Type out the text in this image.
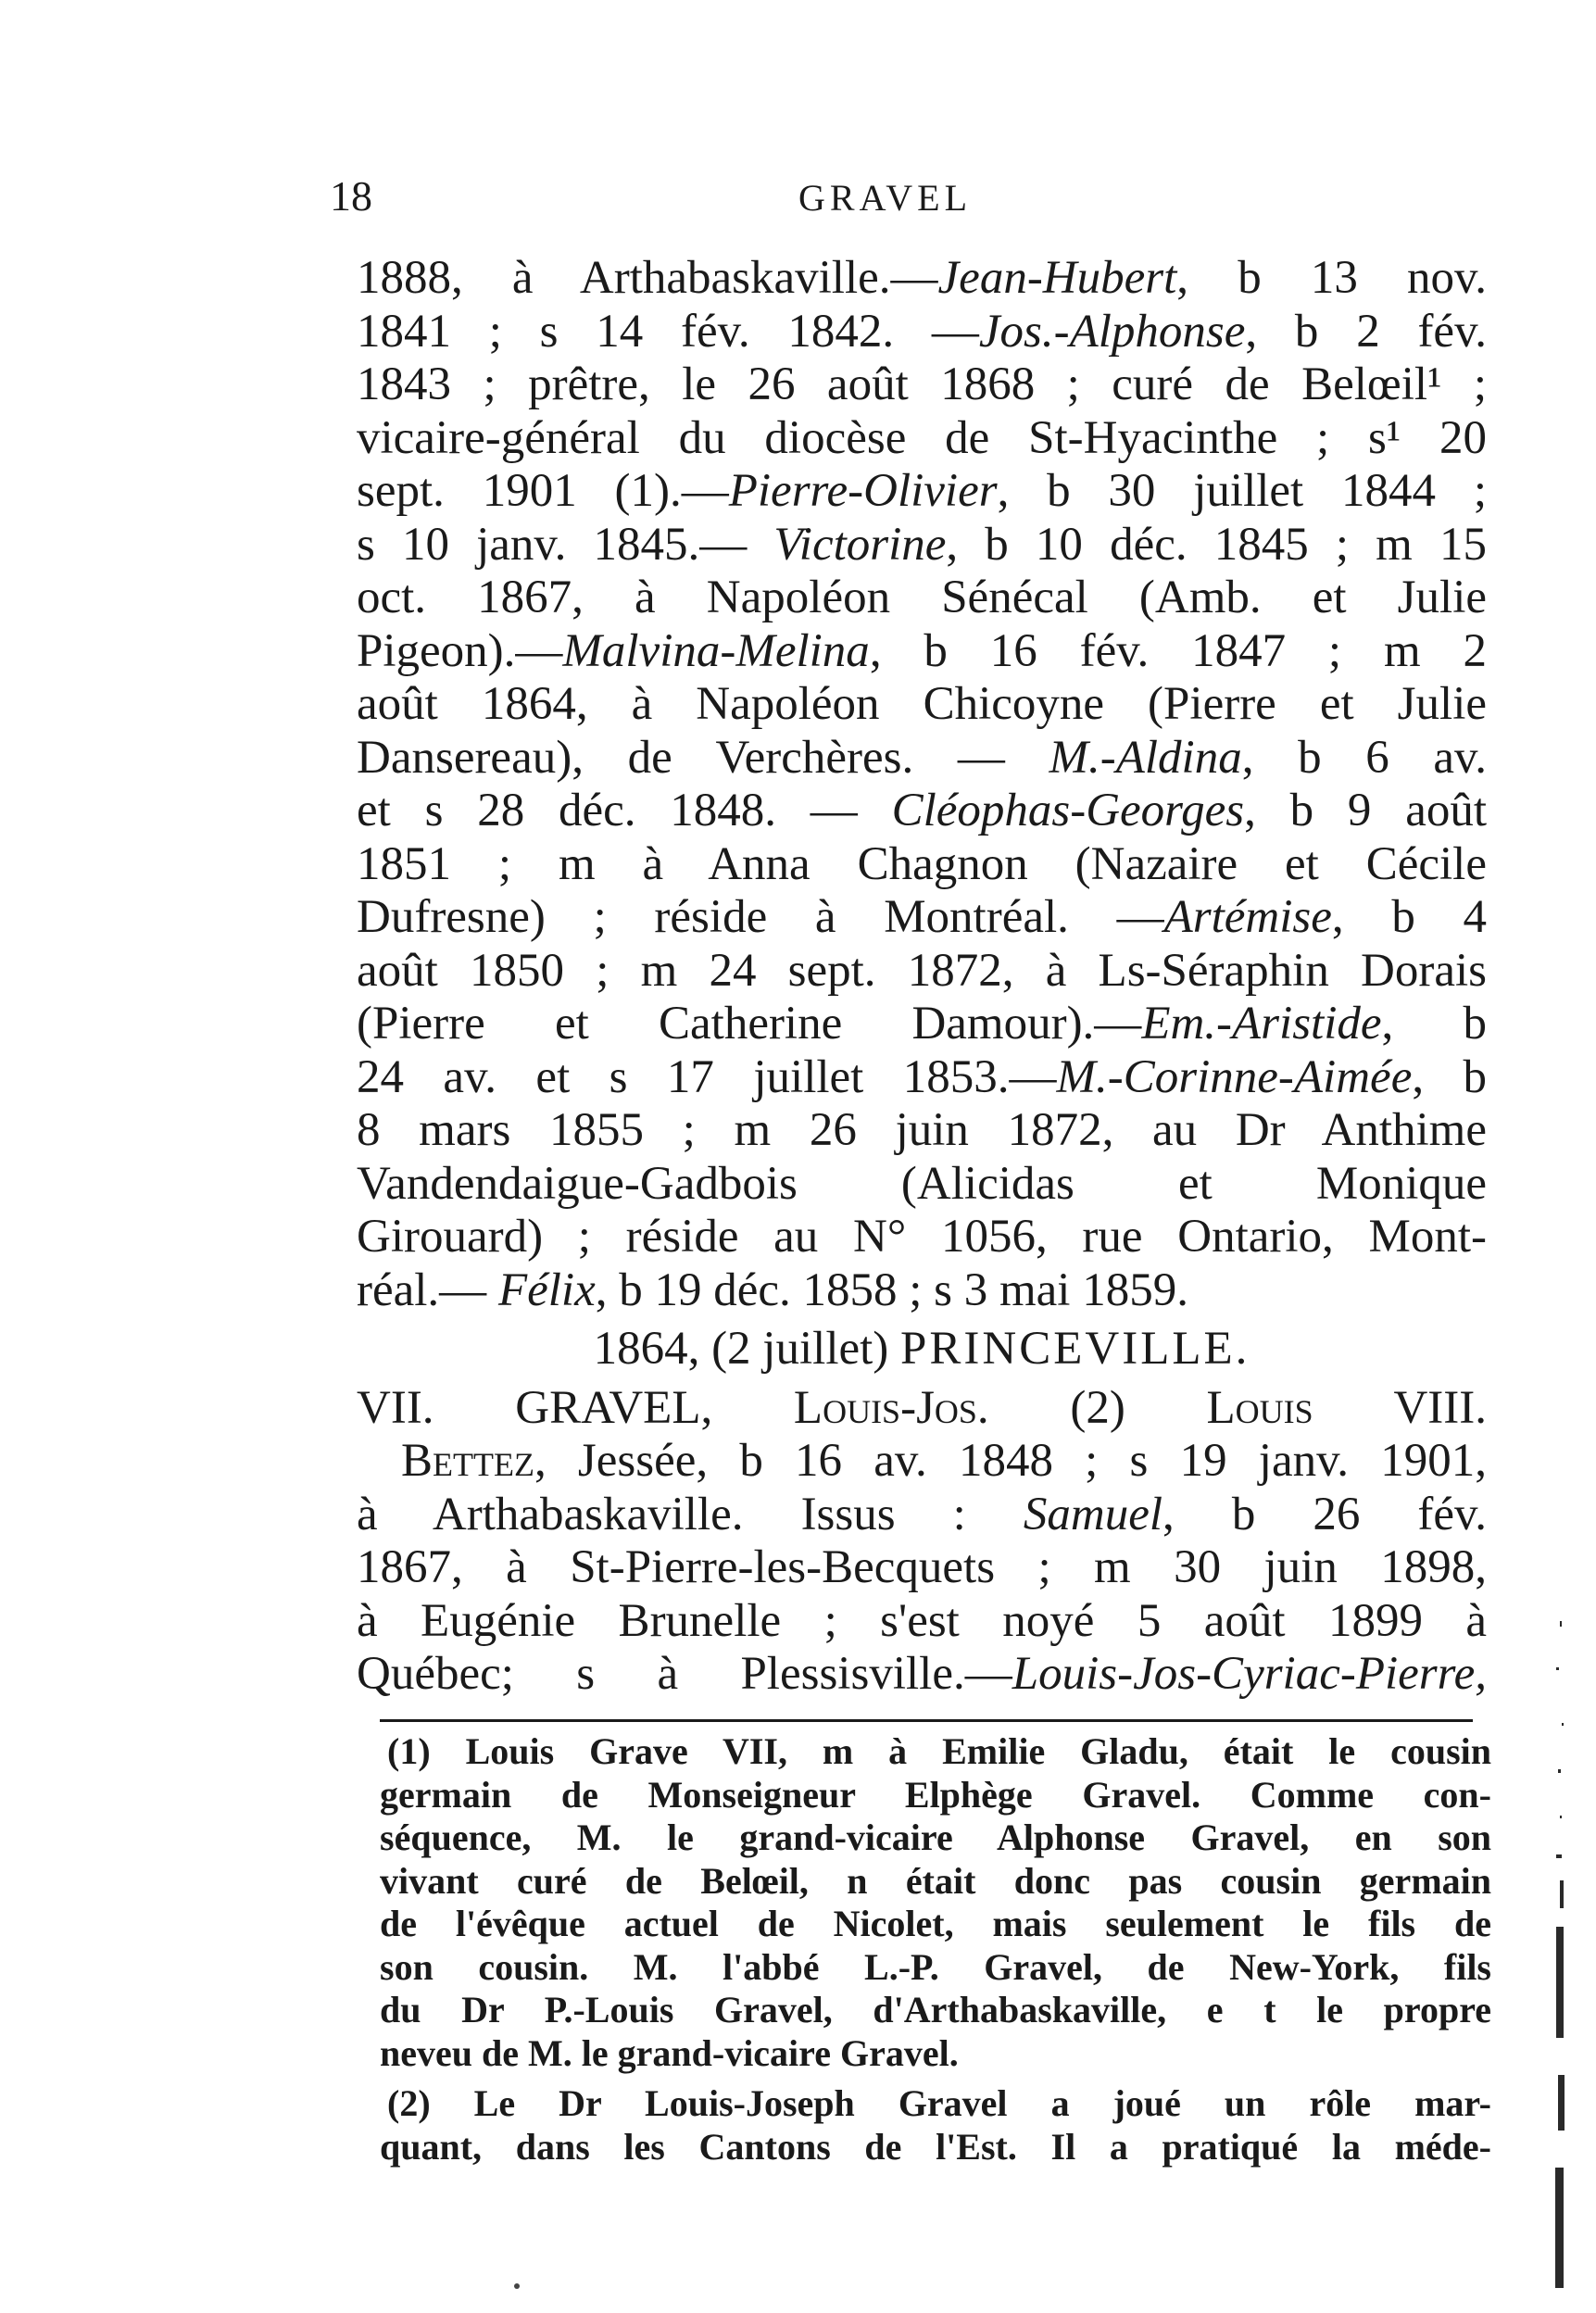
18	GRAVEL
1888, à Arthabaskaville.—Jean-Hubert, b 13 nov.
1841 ; s 14 fév. 1842. —Jos.-Alphonse, b 2 fév.
1843 ; prêtre, le 26 août 1868 ; curé de Belœil¹ ;
vicaire-général du diocèse de St-Hyacinthe ; s¹ 20
sept. 1901 (1).—Pierre-Olivier, b 30 juillet 1844 ;
s 10 janv. 1845.— Victorine, b 10 déc. 1845 ; m 15
oct. 1867, à Napoléon Sénécal (Amb. et Julie
Pigeon).—Malvina-Melina, b 16 fév. 1847 ; m 2
août 1864, à Napoléon Chicoyne (Pierre et Julie
Dansereau), de Verchères. — M.-Aldina, b 6 av.
et s 28 déc. 1848. — Cléophas-Georges, b 9 août
1851 ; m à Anna Chagnon (Nazaire et Cécile
Dufresne) ; réside à Montréal. —Artémise, b 4
août 1850 ; m 24 sept. 1872, à Ls-Séraphin Dorais
(Pierre et Catherine Damour).—Em.-Aristide, b
24 av. et s 17 juillet 1853.—M.-Corinne-Aimée, b
8 mars 1855 ; m 26 juin 1872, au Dr Anthime
Vandendaigue-Gadbois (Alicidas et Monique
Girouard) ; réside au N° 1056, rue Ontario, Mont-
réal.— Félix, b 19 déc. 1858 ; s 3 mai 1859.
1864, (2 juillet) PRINCEVILLE.
VII. GRAVEL, Louis-Jos. (2) Louis VIII.
Bettez, Jessée, b 16 av. 1848 ; s 19 janv. 1901,
à Arthabaskaville. Issus : Samuel, b 26 fév.
1867, à St-Pierre-les-Becquets ; m 30 juin 1898,
à Eugénie Brunelle ; s'est noyé 5 août 1899 à
Québec; s à Plessisville.—Louis-Jos-Cyriac-Pierre,
(1) Louis Grave VII, m à Emilie Gladu, était le cousin
germain de Monseigneur Elphège Gravel. Comme con-
séquence, M. le grand-vicaire Alphonse Gravel, en son
vivant curé de Belœil, n était donc pas cousin germain
de l'évêque actuel de Nicolet, mais seulement le fils de
son cousin. M. l'abbé L.-P. Gravel, de New-York, fils
du Dr P.-Louis Gravel, d'Arthabaskaville, e t le propre
neveu de M. le grand-vicaire Gravel.
(2) Le Dr Louis-Joseph Gravel a joué un rôle mar-
quant, dans les Cantons de l'Est. Il a pratiqué la méde-
